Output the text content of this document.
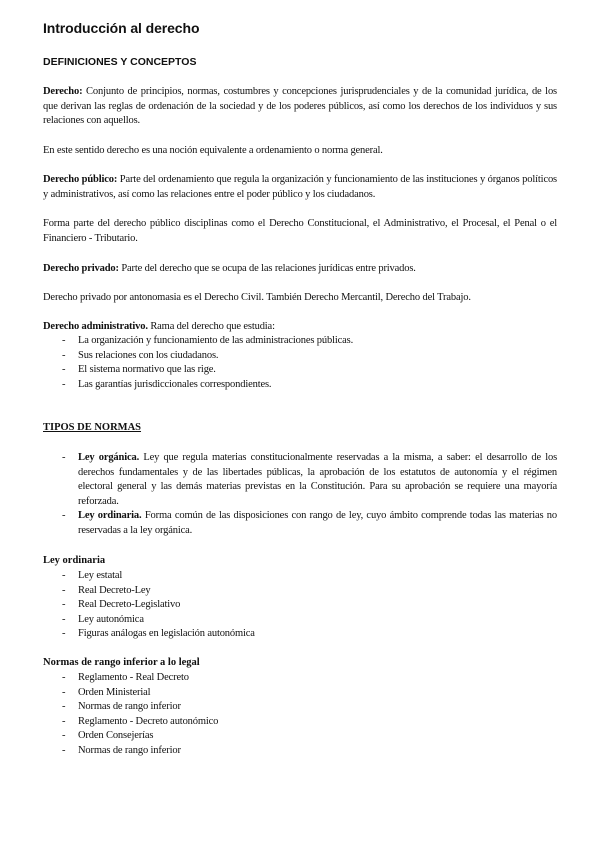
Introducción al derecho
DEFINICIONES Y CONCEPTOS
Derecho: Conjunto de principios, normas, costumbres y concepciones jurisprudenciales y de la comunidad jurídica, de los que derivan las reglas de ordenación de la sociedad y de los poderes públicos, así como los derechos de los individuos y sus relaciones con aquellos.
En este sentido derecho es una noción equivalente a ordenamiento o norma general.
Derecho público: Parte del ordenamiento que regula la organización y funcionamiento de las instituciones y órganos políticos y administrativos, así como las relaciones entre el poder público y los ciudadanos.
Forma parte del derecho público disciplinas como el Derecho Constitucional, el Administrativo, el Procesal, el Penal o el Financiero - Tributario.
Derecho privado: Parte del derecho que se ocupa de las relaciones jurídicas entre privados.
Derecho privado por antonomasia es el Derecho Civil. También Derecho Mercantil, Derecho del Trabajo.
Derecho administrativo. Rama del derecho que estudia:
- La organización y funcionamiento de las administraciones públicas.
- Sus relaciones con los ciudadanos.
- El sistema normativo que las rige.
- Las garantías jurisdiccionales correspondientes.
TIPOS DE NORMAS
- Ley orgánica. Ley que regula materias constitucionalmente reservadas a la misma, a saber: el desarrollo de los derechos fundamentales y de las libertades públicas, la aprobación de los estatutos de autonomía y el régimen electoral general y las demás materias previstas en la Constitución. Para su aprobación se requiere una mayoría reforzada.
- Ley ordinaria. Forma común de las disposiciones con rango de ley, cuyo ámbito comprende todas las materias no reservadas a la ley orgánica.
Ley ordinaria
- Ley estatal
- Real Decreto-Ley
- Real Decreto-Legislativo
- Ley autonómica
- Figuras análogas en legislación autonómica
Normas de rango inferior a lo legal
- Reglamento - Real Decreto
- Orden Ministerial
- Normas de rango inferior
- Reglamento - Decreto autonómico
- Orden Consejerías
- Normas de rango inferior
